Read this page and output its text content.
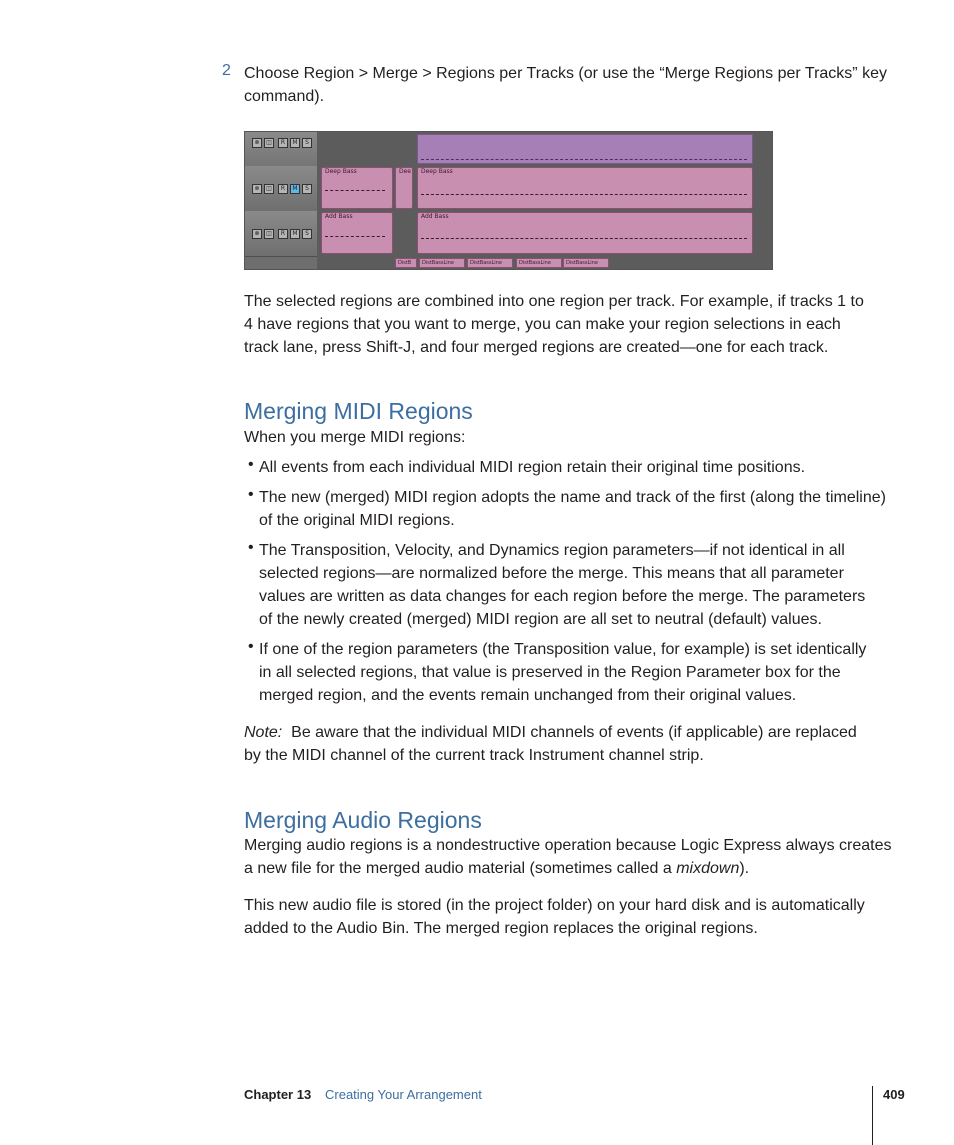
2 Choose Region > Merge > Regions per Tracks (or use the “Merge Regions per Tracks” key
command).
⊗	◫	R	M	S
⊗	◫	R	M	S
⊗	◫	R	M	S
Deep Bass	Dee	Deep Bass
Add Bass	Add Bass
DistB	DistBassLine	DistBassLine	DistBassLine	DistBassLine
The selected regions are combined into one region per track. For example, if tracks 1 to
4 have regions that you want to merge, you can make your region selections in each
track lane, press Shift-J, and four merged regions are created—one for each track.
Merging MIDI Regions
When you merge MIDI regions:
• All events from each individual MIDI region retain their original time positions.
• The new (merged) MIDI region adopts the name and track of the first (along the timeline)
of the original MIDI regions.
• The Transposition, Velocity, and Dynamics region parameters—if not identical in all
selected regions—are normalized before the merge. This means that all parameter
values are written as data changes for each region before the merge. The parameters
of the newly created (merged) MIDI region are all set to neutral (default) values.
• If one of the region parameters (the Transposition value, for example) is set identically
in all selected regions, that value is preserved in the Region Parameter box for the
merged region, and the events remain unchanged from their original values.
Note: Be aware that the individual MIDI channels of events (if applicable) are replaced
by the MIDI channel of the current track Instrument channel strip.
Merging Audio Regions
Merging audio regions is a nondestructive operation because Logic Express always creates
a new file for the merged audio material (sometimes called a mixdown).
This new audio file is stored (in the project folder) on your hard disk and is automatically
added to the Audio Bin. The merged region replaces the original regions.
Chapter 13 Creating Your Arrangement	409
